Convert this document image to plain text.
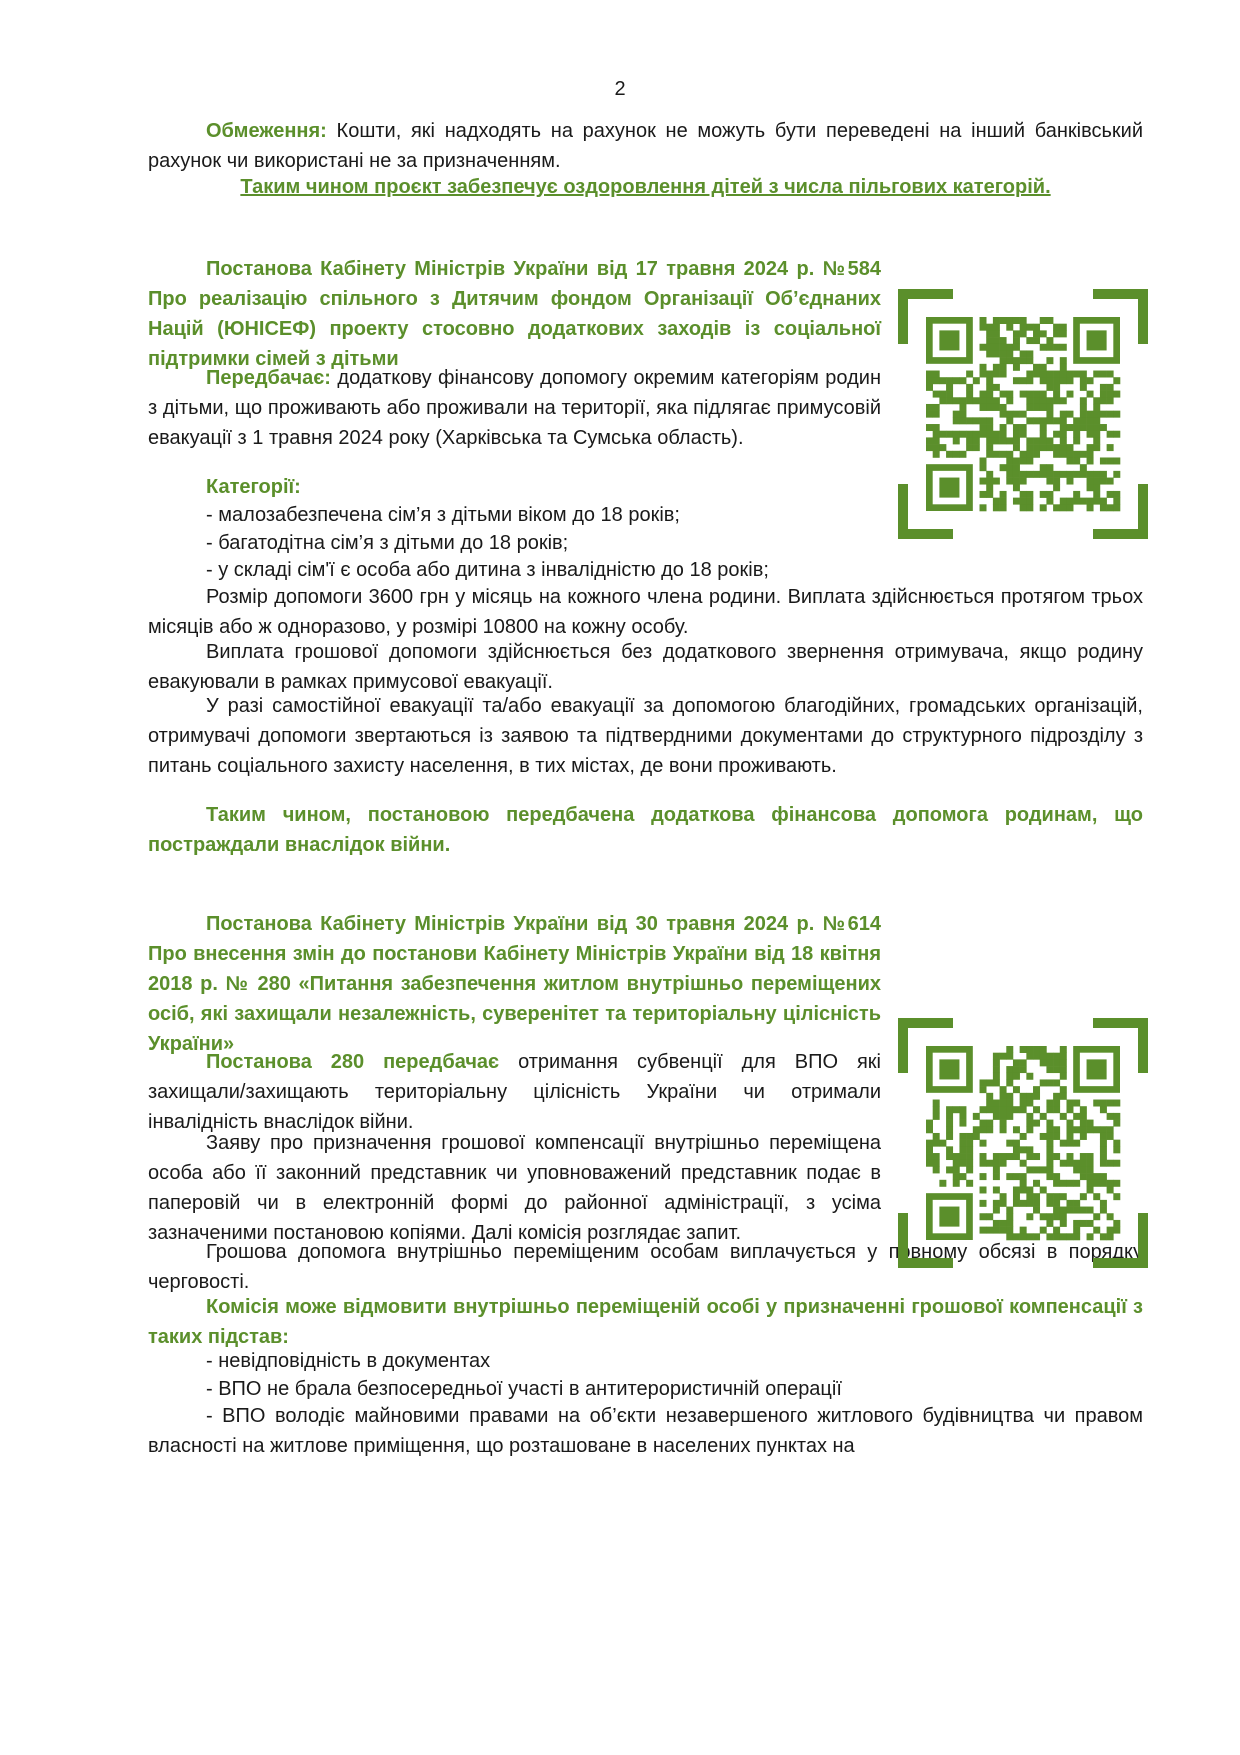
2

Обмеження: Кошти, які надходять на рахунок не можуть бути переведені на інший банківський рахунок чи використані не за призначенням.

Таким чином проєкт забезпечує оздоровлення дітей з числа пільгових категорій.

Постанова Кабінету Міністрів України від 17 травня 2024 р. №584 Про реалізацію спільного з Дитячим фондом Організації Об’єднаних Націй (ЮНІСЕФ) проекту стосовно додаткових заходів із соціальної підтримки сімей з дітьми

Передбачає: додаткову фінансову допомогу окремим категоріям родин з дітьми, що проживають або проживали на території, яка підлягає примусовій евакуації з 1 травня 2024 року (Харківська та Сумська область).

Категорії:

- малозабезпечена сім’я з дітьми віком до 18 років;

- багатодітна сім’я з дітьми до 18 років;

- у складі сім'ї є особа або дитина з інвалідністю до 18 років;

Розмір допомоги 3600 грн у місяць на кожного члена родини. Виплата здійснюється протягом трьох місяців або ж одноразово, у розмірі 10800 на кожну особу.

Виплата грошової допомоги здійснюється без додаткового звернення отримувача, якщо родину евакуювали в рамках примусової евакуації.

У разі самостійної евакуації та/або евакуації за допомогою благодійних, громадських організацій, отримувачі допомоги звертаються із заявою та підтвердними документами до структурного підрозділу з питань соціального захисту населення, в тих містах, де вони проживають.

Таким чином, постановою передбачена додаткова фінансова допомога родинам, що постраждали внаслідок війни.

Постанова Кабінету Міністрів України від 30 травня 2024 р. №614 Про внесення змін до постанови Кабінету Міністрів України від 18 квітня 2018 р. № 280 «Питання забезпечення житлом внутрішньо переміщених осіб, які захищали незалежність, суверенітет та територіальну цілісність України»

Постанова 280 передбачає отримання субвенції для ВПО які захищали/захищають територіальну цілісність України чи отримали інвалідність внаслідок війни.

Заяву про призначення грошової компенсації внутрішньо переміщена особа або її законний представник чи уповноважений представник подає в паперовій чи в електронній формі до районної адміністрації, з усіма зазначеними постановою копіями. Далі комісія розглядає запит.

Грошова допомога внутрішньо переміщеним особам виплачується у повному обсязі в порядку черговості.

Комісія може відмовити внутрішньо переміщеній особі у призначенні грошової компенсації з таких підстав:

- невідповідність в документах

- ВПО не брала безпосередньої участі в антитерористичній операції

- ВПО володіє майновими правами на об’єкти незавершеного житлового будівництва чи правом власності на житлове приміщення, що розташоване в населених пунктах на
